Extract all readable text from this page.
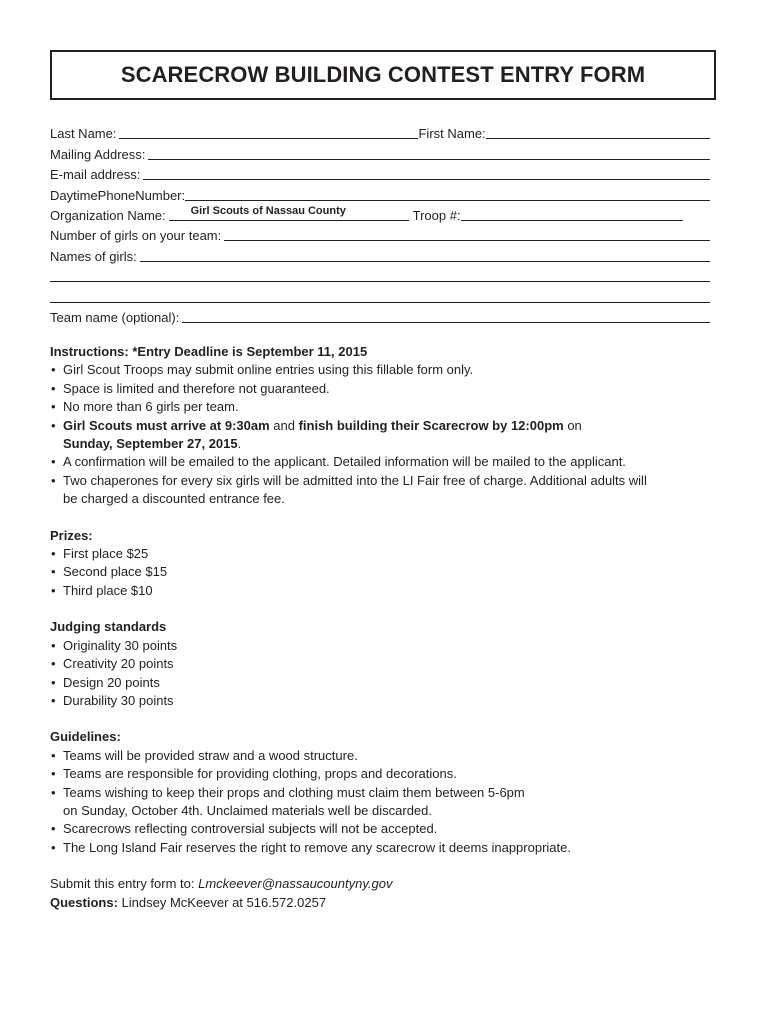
SCARECROW BUILDING CONTEST ENTRY FORM
Last Name:	First Name:
Mailing Address:
E-mail address:
DaytimePhoneNumber:
Organization Name: Girl Scouts of Nassau County	Troop #:
Number of girls on your team:
Names of girls:
Team name (optional):

Instructions: *Entry Deadline is September 11, 2015

• Girl Scout Troops may submit online entries using this fillable form only.
• Space is limited and therefore not guaranteed.
• No more than 6 girls per team.
• Girl Scouts must arrive at 9:30am and finish building their Scarecrow by 12:00pm on
Sunday, September 27, 2015.
• A confirmation will be emailed to the applicant. Detailed information will be mailed to the applicant.
• Two chaperones for every six girls will be admitted into the LI Fair free of charge. Additional adults will
be charged a discounted entrance fee.

Prizes:

• First place $25
• Second place $15
• Third place $10

Judging standards

• Originality 30 points
• Creativity 20 points
• Design 20 points
• Durability 30 points

Guidelines:

• Teams will be provided straw and a wood structure.
• Teams are responsible for providing clothing, props and decorations.
• Teams wishing to keep their props and clothing must claim them between 5-6pm
on Sunday, October 4th. Unclaimed materials well be discarded.
• Scarecrows reflecting controversial subjects will not be accepted.
• The Long Island Fair reserves the right to remove any scarecrow it deems inappropriate.
Submit this entry form to: Lmckeever@nassaucountyny.gov
Questions: Lindsey McKeever at 516.572.0257
